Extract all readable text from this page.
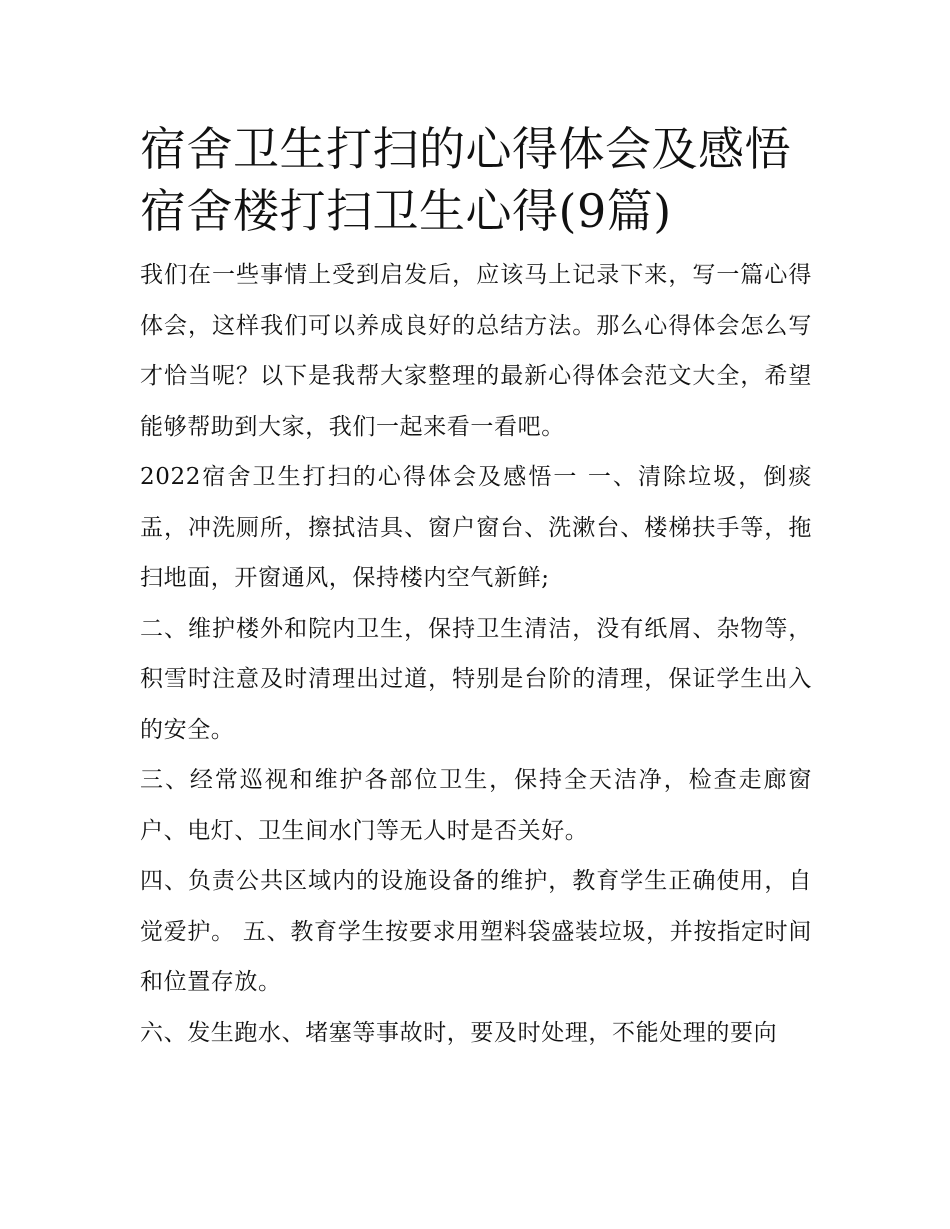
宿舍卫生打扫的心得体会及感悟 宿舍楼打扫卫生心得(9篇)

我们在一些事情上受到启发后，应该马上记录下来，写一篇心得体会，这样我们可以养成良好的总结方法。那么心得体会怎么写才恰当呢？以下是我帮大家整理的最新心得体会范文大全，希望能够帮助到大家，我们一起来看一看吧。

2022宿舍卫生打扫的心得体会及感悟一 一、清除垃圾，倒痰盂，冲洗厕所，擦拭洁具、窗户窗台、洗漱台、楼梯扶手等，拖扫地面，开窗通风，保持楼内空气新鲜;

二、维护楼外和院内卫生，保持卫生清洁，没有纸屑、杂物等，积雪时注意及时清理出过道，特别是台阶的清理，保证学生出入的安全。

三、经常巡视和维护各部位卫生，保持全天洁净，检查走廊窗户、电灯、卫生间水门等无人时是否关好。

四、负责公共区域内的设施设备的维护，教育学生正确使用，自觉爱护。 五、教育学生按要求用塑料袋盛装垃圾，并按指定时间和位置存放。

六、发生跑水、堵塞等事故时，要及时处理，不能处理的要向
